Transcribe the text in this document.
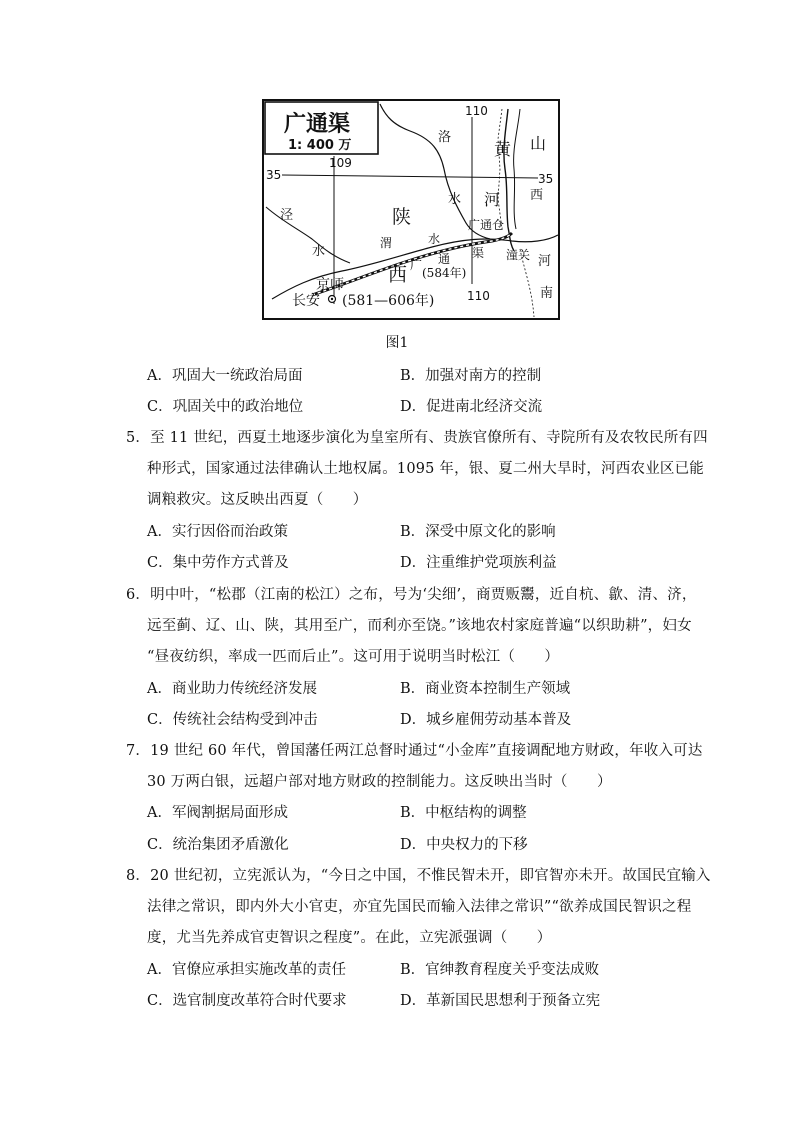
广通渠
1: 400 万
110
110
109
35	35
洛
水
黄
河
山
西
泾
水
陕
渭	水
广通仓
西 广 通 渠
(584年)
潼关 河
南
京师
长安 (581—606年)
图1
A．巩固大一统政治局面	B．加强对南方的控制
C．巩固关中的政治地位	D．促进南北经济交流
5．至 11 世纪，西夏土地逐步演化为皇室所有、贵族官僚所有、寺院所有及农牧民所有四
种形式，国家通过法律确认土地权属。1095 年，银、夏二州大旱时，河西农业区已能
调粮救灾。这反映出西夏（　　）
A．实行因俗而治政策	B．深受中原文化的影响
C．集中劳作方式普及	D．注重维护党项族利益
6．明中叶，“松郡（江南的松江）之布，号为‘尖细’，商贾贩鬻，近自杭、歙、清、济，
远至蓟、辽、山、陕，其用至广，而利亦至饶。”该地农村家庭普遍“以织助耕”，妇女
“昼夜纺织，率成一匹而后止”。这可用于说明当时松江（　　）
A．商业助力传统经济发展	B．商业资本控制生产领域
C．传统社会结构受到冲击	D．城乡雇佣劳动基本普及
7．19 世纪 60 年代，曾国藩任两江总督时通过“小金库”直接调配地方财政，年收入可达
30 万两白银，远超户部对地方财政的控制能力。这反映出当时（　　）
A．军阀割据局面形成	B．中枢结构的调整
C．统治集团矛盾激化	D．中央权力的下移
8．20 世纪初，立宪派认为，“今日之中国，不惟民智未开，即官智亦未开。故国民宜输入
法律之常识，即内外大小官吏，亦宜先国民而输入法律之常识”“欲养成国民智识之程
度，尤当先养成官吏智识之程度”。在此，立宪派强调（　　）
A．官僚应承担实施改革的责任	B．官绅教育程度关乎变法成败
C．选官制度改革符合时代要求	D．革新国民思想利于预备立宪
